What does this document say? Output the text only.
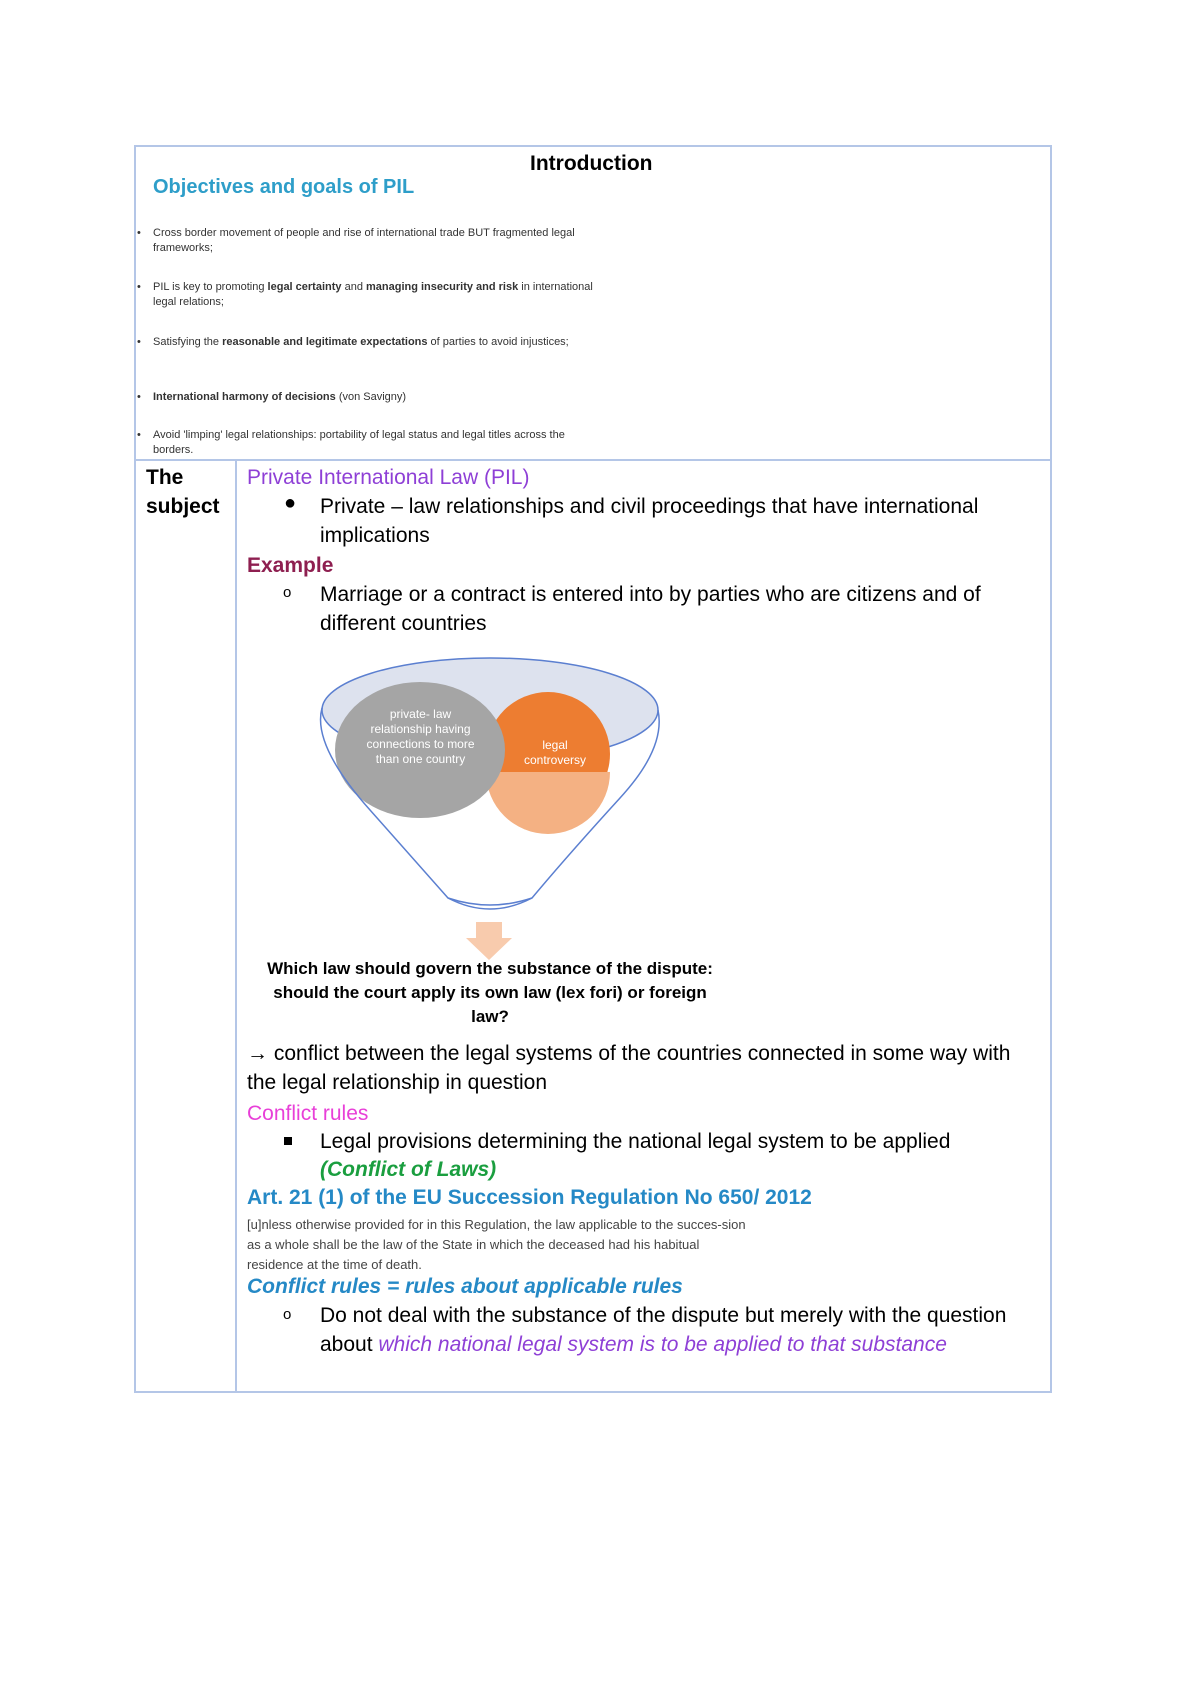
Introduction
Objectives and goals of PIL
• Cross border movement of people and rise of international trade BUT fragmented legal frameworks;
• PIL is key to promoting legal certainty and managing insecurity and risk in international legal relations;
• Satisfying the reasonable and legitimate expectations of parties to avoid injustices;
• International harmony of decisions (von Savigny)
• Avoid 'limping' legal relationships: portability of legal status and legal titles across the borders.
The
subject
Private International Law (PIL)
● Private – law relationships and civil proceedings that have international implications
Example
o Marriage or a contract is entered into by parties who are citizens and of different countries
private- law relationship having connections to more than one country
legal controversy
Which law should govern the substance of the dispute: should the court apply its own law (lex fori) or foreign law?
→ conflict between the legal systems of the countries connected in some way with the legal relationship in question
Conflict rules
Legal provisions determining the national legal system to be applied
(Conflict of Laws)
Art. 21 (1) of the EU Succession Regulation No 650/ 2012
[u]nless otherwise provided for in this Regulation, the law applicable to the succes-sion as a whole shall be the law of the State in which the deceased had his habitual residence at the time of death.
Conflict rules = rules about applicable rules
o Do not deal with the substance of the dispute but merely with the question about which national legal system is to be applied to that substance
